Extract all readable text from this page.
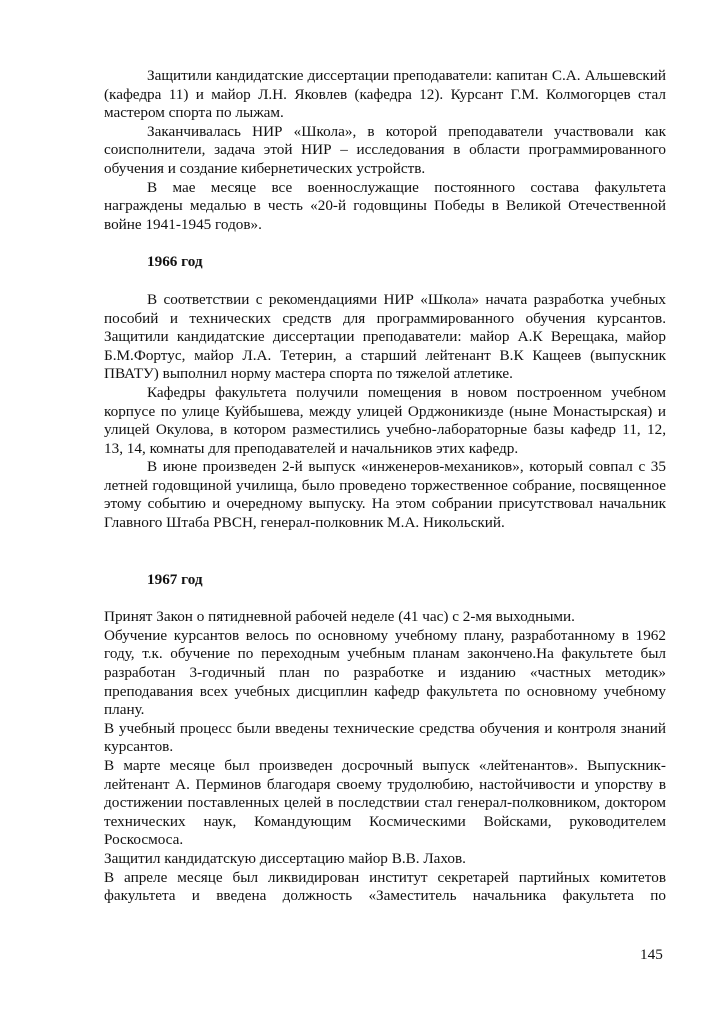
Защитили кандидатские диссертации преподаватели: капитан С.А. Альшевский (кафедра 11) и майор Л.Н. Яковлев (кафедра 12). Курсант Г.М. Колмогорцев стал мастером спорта по лыжам.

Заканчивалась НИР «Школа», в которой преподаватели участвовали как соисполнители, задача этой НИР – исследования в области программированного обучения и создание кибернетических устройств.

В мае месяце все военнослужащие постоянного состава факультета награждены медалью в честь «20-й годовщины Победы в Великой Отечественной войне 1941-1945 годов».

1966 год

В соответствии с рекомендациями НИР «Школа» начата разработка учебных пособий и технических средств для программированного обучения курсантов. Защитили кандидатские диссертации преподаватели: майор А.К Верещака, майор Б.М.Фортус, майор Л.А. Тетерин, а старший лейтенант В.К Кащеев (выпускник ПВАТУ) выполнил норму мастера спорта по тяжелой атлетике.

Кафедры факультета получили помещения в новом построенном учебном корпусе по улице Куйбышева, между улицей Орджоникизде (ныне Монастырская) и улицей Окулова, в котором разместились учебно-лабораторные базы кафедр 11, 12, 13, 14, комнаты для преподавателей и начальников этих кафедр.

В июне произведен 2-й выпуск «инженеров-механиков», который совпал с 35 летней годовщиной училища, было проведено торжественное собрание, посвященное этому событию и очередному выпуску. На этом собрании присутствовал начальник Главного Штаба РВСН, генерал-полковник М.А. Никольский.

1967 год

Принят Закон о пятидневной рабочей неделе (41 час) с 2-мя выходными.

Обучение курсантов велось по основному учебному плану, разработанному в 1962 году, т.к. обучение по переходным учебным планам закончено.На факультете был разработан 3-годичный план по разработке и изданию «частных методик» преподавания всех учебных дисциплин кафедр факультета по основному учебному плану.

В учебный процесс были введены технические средства обучения и контроля знаний курсантов.

В марте месяце был произведен досрочный выпуск «лейтенантов». Выпускник-лейтенант А. Перминов благодаря своему трудолюбию, настойчивости и упорству в достижении поставленных целей в последствии стал генерал-полковником, доктором технических наук, Командующим Космическими Войсками, руководителем Роскосмоса.

Защитил кандидатскую диссертацию майор В.В. Лахов.

В апреле месяце был ликвидирован институт секретарей партийных комитетов факультета и введена должность «Заместитель начальника факультета по

145
